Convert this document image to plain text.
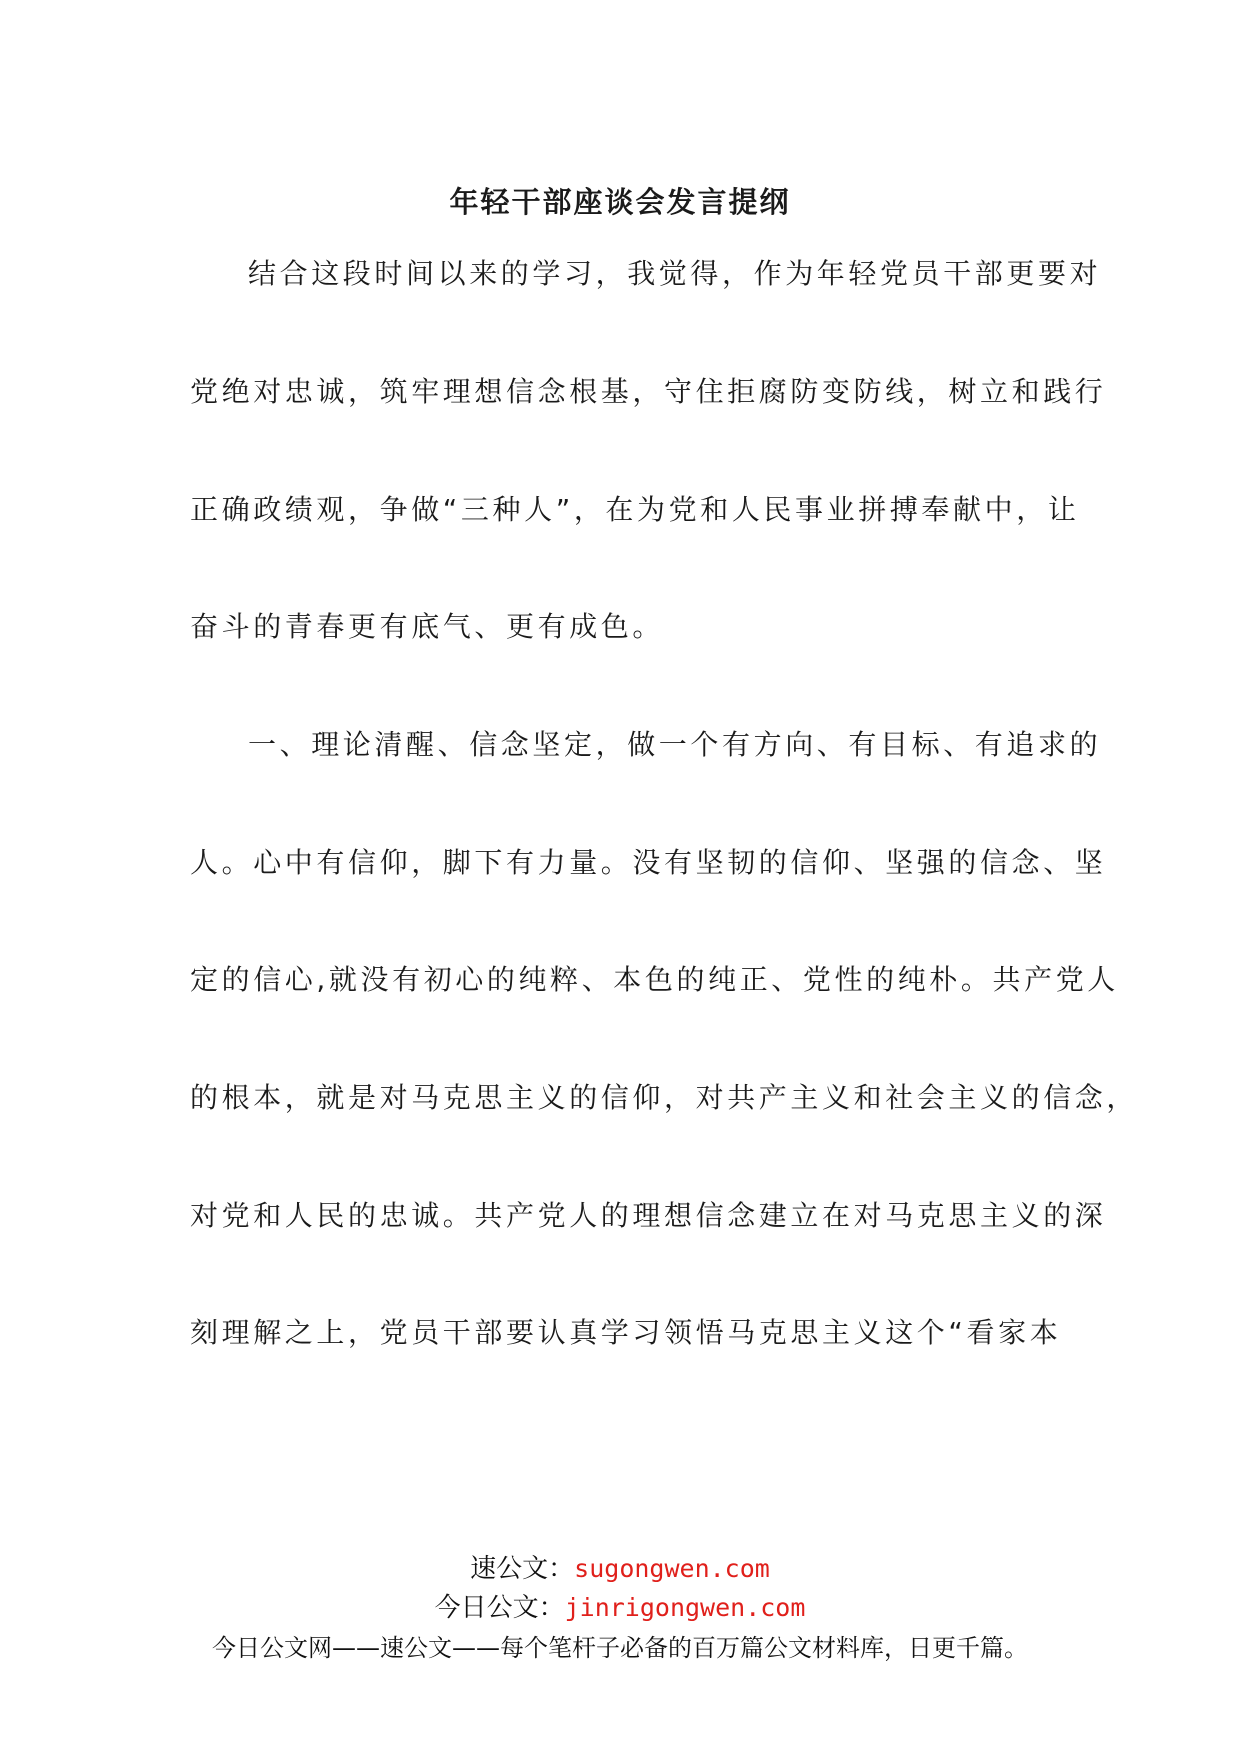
年轻干部座谈会发言提纲
结合这段时间以来的学习，我觉得，作为年轻党员干部更要对
党绝对忠诚，筑牢理想信念根基，守住拒腐防变防线，树立和践行
正确政绩观，争做“三种人”，在为党和人民事业拼搏奉献中，让
奋斗的青春更有底气、更有成色。
一、理论清醒、信念坚定，做一个有方向、有目标、有追求的
人。心中有信仰，脚下有力量。没有坚韧的信仰、坚强的信念、坚
定的信心,就没有初心的纯粹、本色的纯正、党性的纯朴。共产党人
的根本，就是对马克思主义的信仰，对共产主义和社会主义的信念，
对党和人民的忠诚。共产党人的理想信念建立在对马克思主义的深
刻理解之上，党员干部要认真学习领悟马克思主义这个“看家本
速公文：sugongwen.com
今日公文：jinrigongwen.com
今日公文网——速公文——每个笔杆子必备的百万篇公文材料库，日更千篇。
